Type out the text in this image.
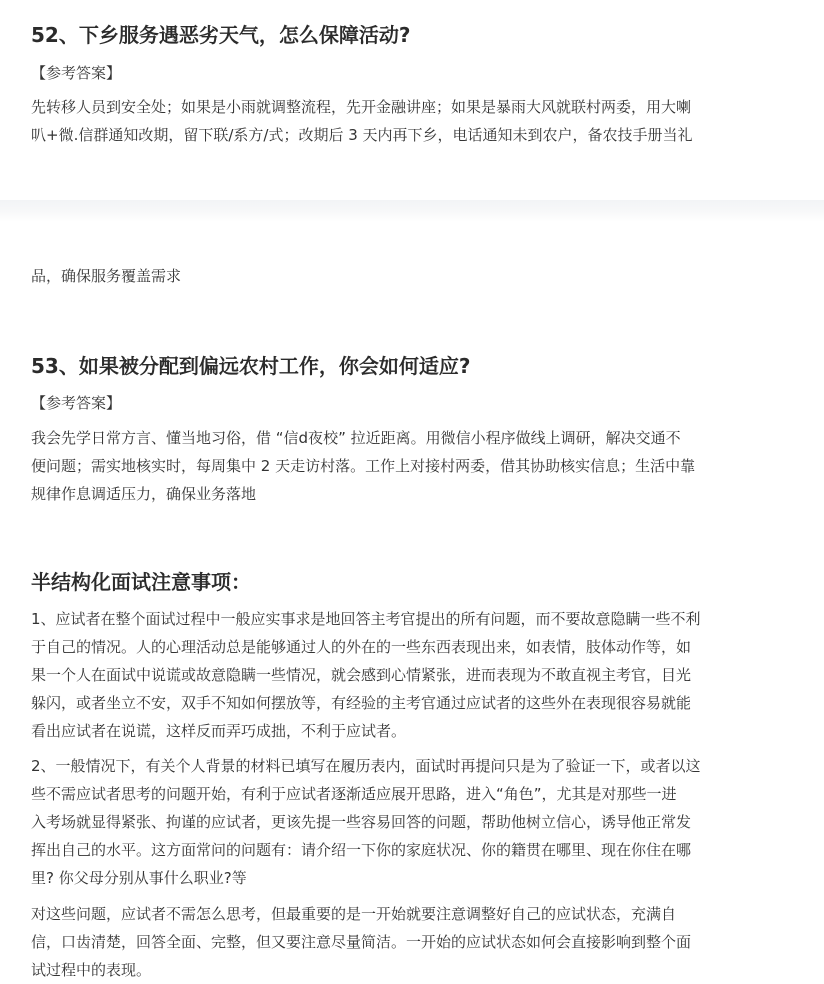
52、下乡服务遇恶劣天气，怎么保障活动?
【参考答案】
先转移人员到安全处；如果是小雨就调整流程，先开金融讲座；如果是暴雨大风就联村两委，用大喇
叭+微.信群通知改期，留下联/系方/式；改期后 3 天内再下乡，电话通知未到农户，备农技手册当礼
品，确保服务覆盖需求
53、如果被分配到偏远农村工作，你会如何适应?
【参考答案】
我会先学日常方言、懂当地习俗，借 “信d夜校” 拉近距离。用微信小程序做线上调研，解决交通不
便问题；需实地核实时，每周集中 2 天走访村落。工作上对接村两委，借其协助核实信息；生活中靠
规律作息调适压力，确保业务落地
半结构化面试注意事项：
1、应试者在整个面试过程中一般应实事求是地回答主考官提出的所有问题，而不要故意隐瞒一些不利
于自己的情况。人的心理活动总是能够通过人的外在的一些东西表现出来，如表情，肢体动作等，如
果一个人在面试中说谎或故意隐瞒一些情况，就会感到心情紧张，进而表现为不敢直视主考官，目光
躲闪，或者坐立不安，双手不知如何摆放等，有经验的主考官通过应试者的这些外在表现很容易就能
看出应试者在说谎，这样反而弄巧成拙，不利于应试者。
2、一般情况下，有关个人背景的材料已填写在履历表内，面试时再提问只是为了验证一下，或者以这
些不需应试者思考的问题开始，有利于应试者逐渐适应展开思路，进入“角色”，尤其是对那些一进
入考场就显得紧张、拘谨的应试者，更该先提一些容易回答的问题，帮助他树立信心，诱导他正常发
挥出自己的水平。这方面常问的问题有：请介绍一下你的家庭状况、你的籍贯在哪里、现在你住在哪
里? 你父母分别从事什么职业?等
对这些问题，应试者不需怎么思考，但最重要的是一开始就要注意调整好自己的应试状态，充满自
信，口齿清楚，回答全面、完整，但又要注意尽量简洁。一开始的应试状态如何会直接影响到整个面
试过程中的表现。
